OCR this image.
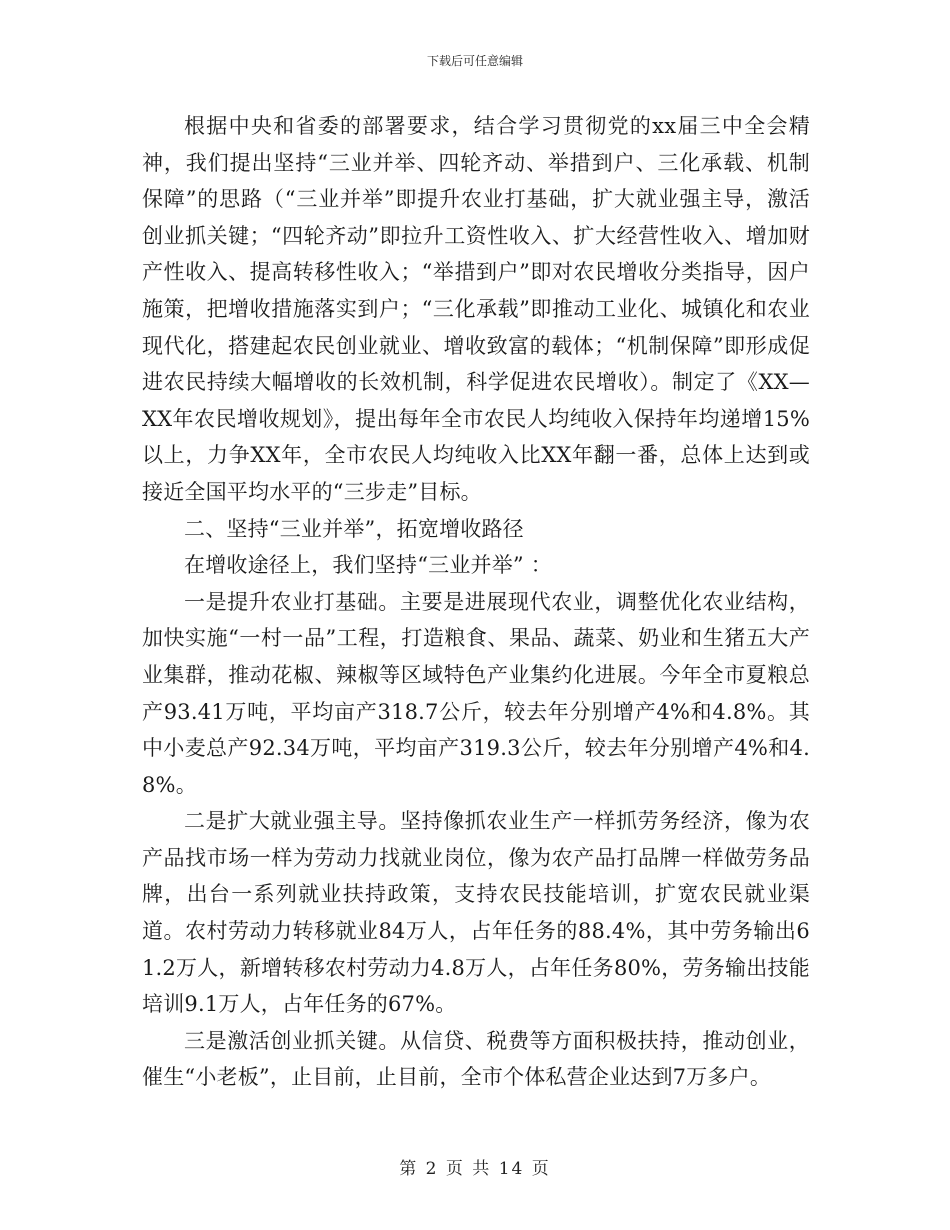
下载后可任意编辑

根据中央和省委的部署要求，结合学习贯彻党的xx届三中全会精神，我们提出坚持“三业并举、四轮齐动、举措到户、三化承载、机制保障”的思路（“三业并举”即提升农业打基础，扩大就业强主导，激活创业抓关键；“四轮齐动”即拉升工资性收入、扩大经营性收入、增加财产性收入、提高转移性收入；“举措到户”即对农民增收分类指导，因户施策，把增收措施落实到户；“三化承载”即推动工业化、城镇化和农业现代化，搭建起农民创业就业、增收致富的载体；“机制保障”即形成促进农民持续大幅增收的长效机制，科学促进农民增收）。制定了《XX—XX年农民增收规划》，提出每年全市农民人均纯收入保持年均递增15%以上，力争XX年，全市农民人均纯收入比XX年翻一番，总体上达到或接近全国平均水平的“三步走”目标。

二、坚持“三业并举”，拓宽增收路径

在增收途径上，我们坚持“三业并举” ：

一是提升农业打基础。主要是进展现代农业，调整优化农业结构，加快实施“一村一品”工程，打造粮食、果品、蔬菜、奶业和生猪五大产业集群，推动花椒、辣椒等区域特色产业集约化进展。今年全市夏粮总产93.41万吨，平均亩产318.7公斤，较去年分别增产4%和4.8%。其中小麦总产92.34万吨，平均亩产319.3公斤，较去年分别增产4%和4.8%。

二是扩大就业强主导。坚持像抓农业生产一样抓劳务经济，像为农产品找市场一样为劳动力找就业岗位，像为农产品打品牌一样做劳务品牌，出台一系列就业扶持政策，支持农民技能培训，扩宽农民就业渠道。农村劳动力转移就业84万人，占年任务的88.4%，其中劳务输出61.2万人，新增转移农村劳动力4.8万人，占年任务80%，劳务输出技能培训9.1万人，占年任务的67%。

三是激活创业抓关键。从信贷、税费等方面积极扶持，推动创业，催生“小老板”，止目前，止目前，全市个体私营企业达到7万多户。

第 2 页 共 14 页
